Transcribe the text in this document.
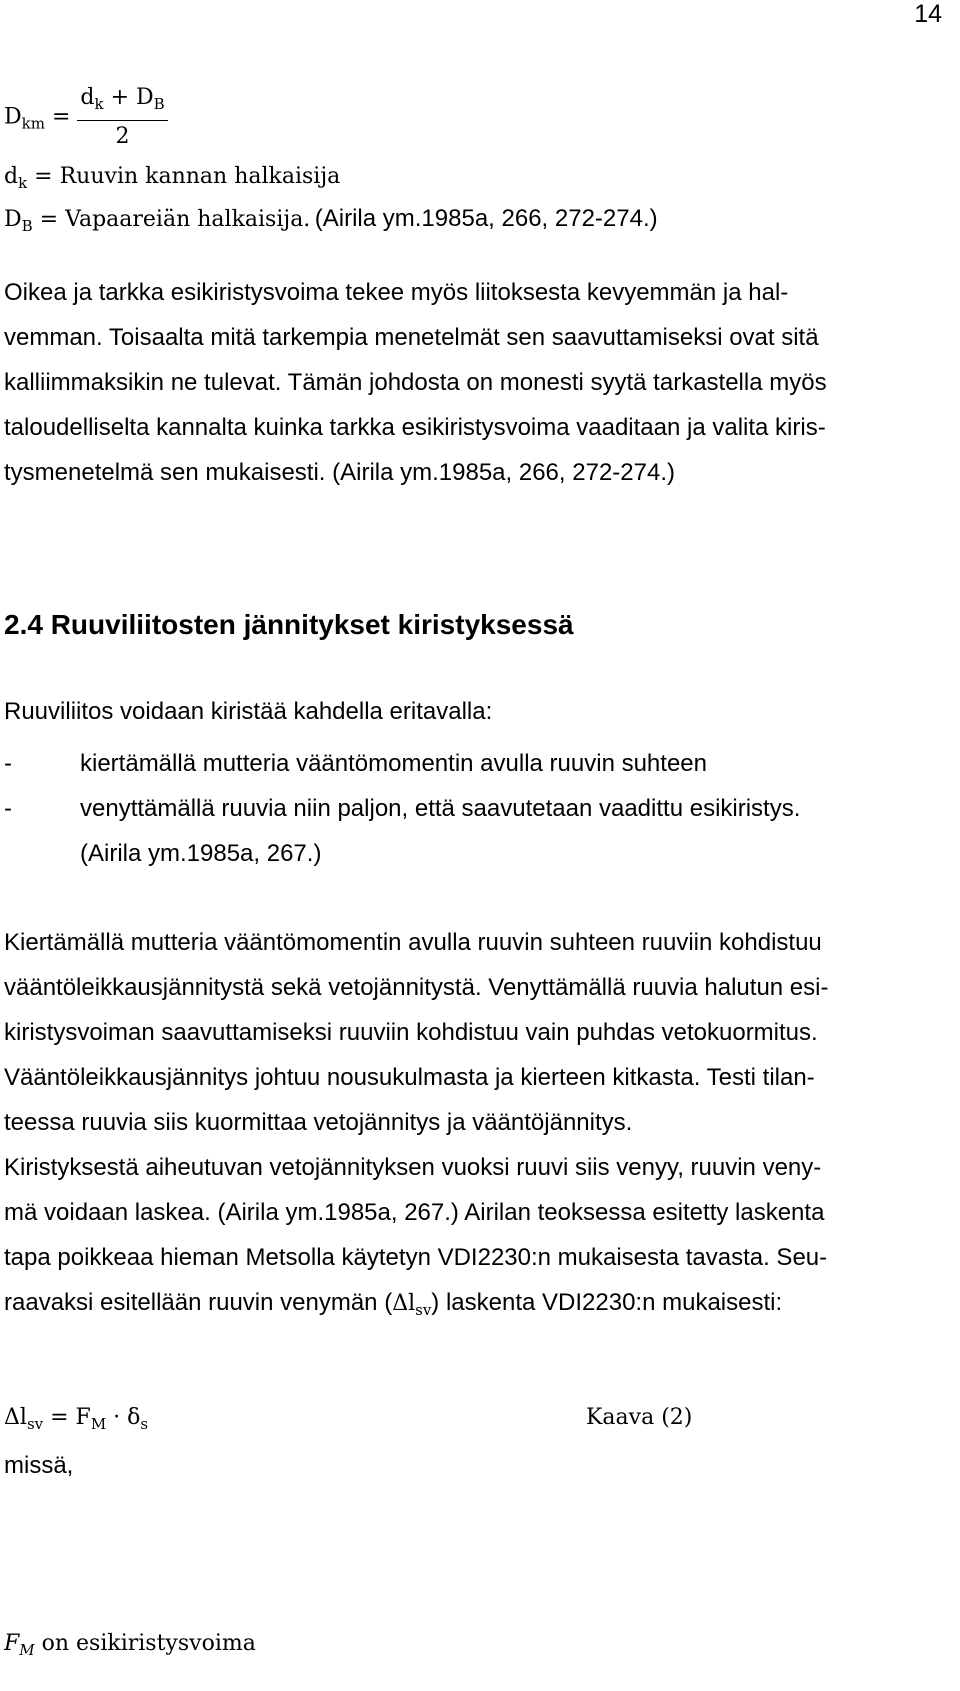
14
$D_{km} = \frac{d_k + D_B}{2}$
$d_k$ = Ruuvin kannan halkaisija
$D_B$ = Vapaareiän halkaisija. (Airila ym.1985a, 266, 272-274.)
Oikea ja tarkka esikiristysvoima tekee myös liitoksesta kevyemmän ja hal-
vemman. Toisaalta mitä tarkempia menetelmät sen saavuttamiseksi ovat sitä
kalliimmaksikin ne tulevat. Tämän johdosta on monesti syytä tarkastella myös
taloudelliselta kannalta kuinka tarkka esikiristysvoima vaaditaan ja valita kiris-
tysmenetelmä sen mukaisesti. (Airila ym.1985a, 266, 272-274.)
2.4 Ruuviliitosten jännitykset kiristyksessä
Ruuviliitos voidaan kiristää kahdella eritavalla:
-	kiertämällä mutteria vääntömomentin avulla ruuvin suhteen
-	venyttämällä ruuvia niin paljon, että saavutetaan vaadittu esikiristys.
(Airila ym.1985a, 267.)
Kiertämällä mutteria vääntömomentin avulla ruuvin suhteen ruuviin kohdistuu
vääntöleikkausjännitystä sekä vetojännitystä. Venyttämällä ruuvia halutun esi-
kiristysvoiman saavuttamiseksi ruuviin kohdistuu vain puhdas vetokuormitus.
Vääntöleikkausjännitys johtuu nousukulmasta ja kierteen kitkasta. Testi tilan-
teessa ruuvia siis kuormittaa vetojännitys ja vääntöjännitys.
Kiristyksestä aiheutuvan vetojännityksen vuoksi ruuvi siis venyy, ruuvin veny-
mä voidaan laskea. (Airila ym.1985a, 267.) Airilan teoksessa esitetty laskenta
tapa poikkeaa hieman Metsolla käytetyn VDI2230:n mukaisesta tavasta. Seu-
raavaksi esitellään ruuvin venymän $(\Delta l_{sv})$ laskenta VDI2230:n mukaisesti:
$\Delta l_{sv} = F_M \cdot \delta_s$	Kaava (2)
missä,
$F_M$ on esikiristysvoima
